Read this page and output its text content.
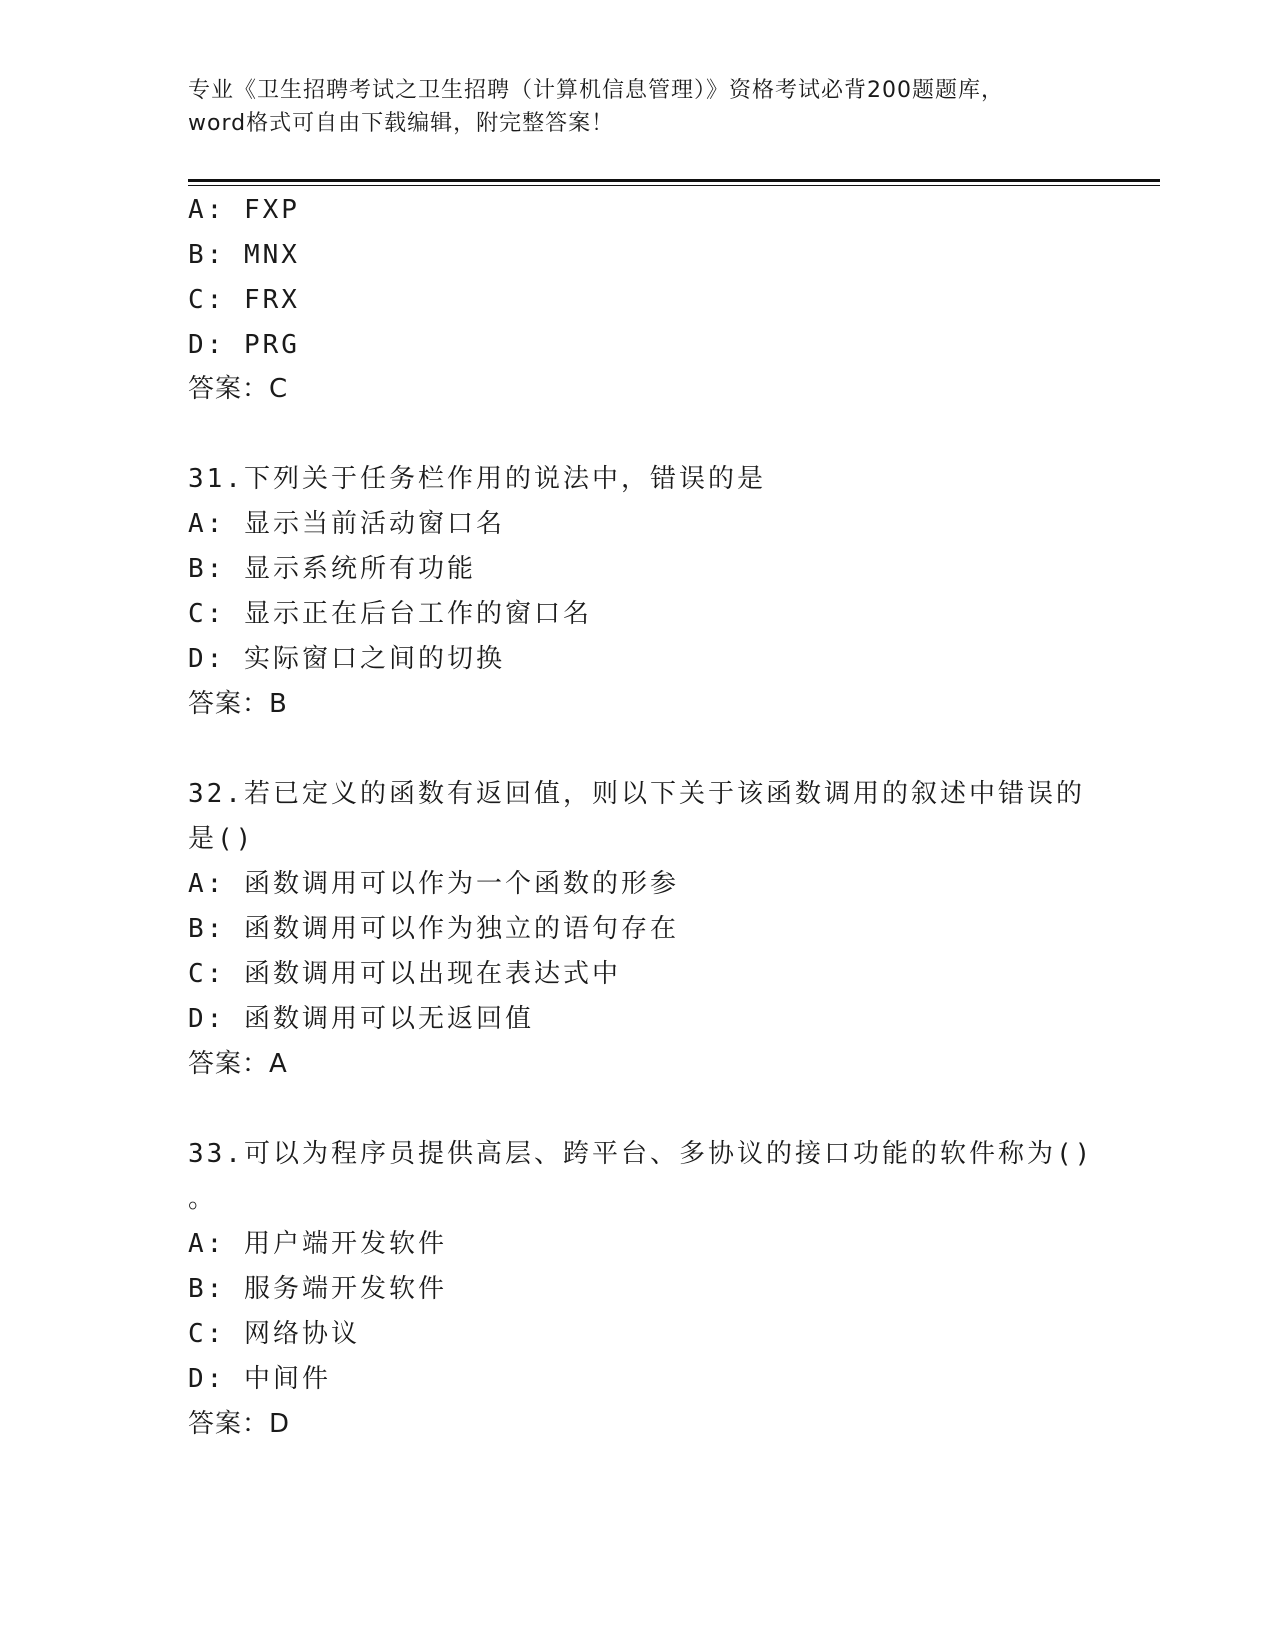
专业《卫生招聘考试之卫生招聘（计算机信息管理）》资格考试必背200题题库，
word格式可自由下载编辑，附完整答案！
A: FXP
B: MNX
C: FRX
D: PRG
答案：C
31.下列关于任务栏作用的说法中，错误的是
A: 显示当前活动窗口名
B: 显示系统所有功能
C: 显示正在后台工作的窗口名
D: 实际窗口之间的切换
答案：B
32.若已定义的函数有返回值，则以下关于该函数调用的叙述中错误的
是()
A: 函数调用可以作为一个函数的形参
B: 函数调用可以作为独立的语句存在
C: 函数调用可以出现在表达式中
D: 函数调用可以无返回值
答案：A
33.可以为程序员提供高层、跨平台、多协议的接口功能的软件称为()
。
A: 用户端开发软件
B: 服务端开发软件
C: 网络协议
D: 中间件
答案：D
